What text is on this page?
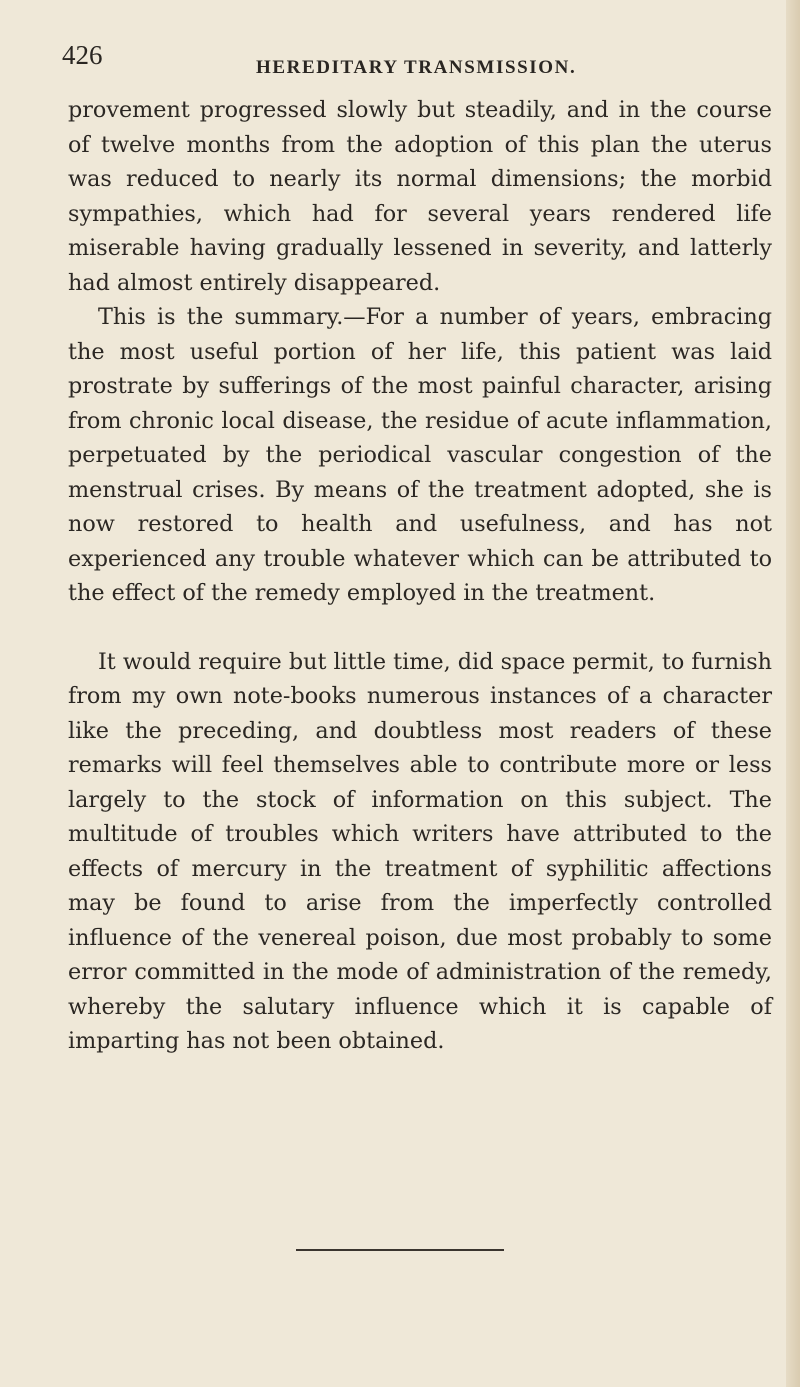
426	HEREDITARY TRANSMISSION.

provement progressed slowly but steadily, and in the course of twelve months from the adoption of this plan the uterus was reduced to nearly its normal dimensions; the morbid sympathies, which had for several years rendered life miserable having gradually lessened in severity, and latterly had almost entirely disappeared.

This is the summary.—For a number of years, embracing the most useful portion of her life, this patient was laid prostrate by sufferings of the most painful character, arising from chronic local disease, the residue of acute inflammation, perpetuated by the periodical vascular congestion of the menstrual crises. By means of the treatment adopted, she is now restored to health and usefulness, and has not experienced any trouble whatever which can be attributed to the effect of the remedy employed in the treatment.

It would require but little time, did space permit, to furnish from my own note-books numerous instances of a character like the preceding, and doubtless most readers of these remarks will feel themselves able to contribute more or less largely to the stock of information on this subject. The multitude of troubles which writers have attributed to the effects of mercury in the treatment of syphilitic affections may be found to arise from the imperfectly controlled influence of the venereal poison, due most probably to some error committed in the mode of administration of the remedy, whereby the salutary influence which it is capable of imparting has not been obtained.
